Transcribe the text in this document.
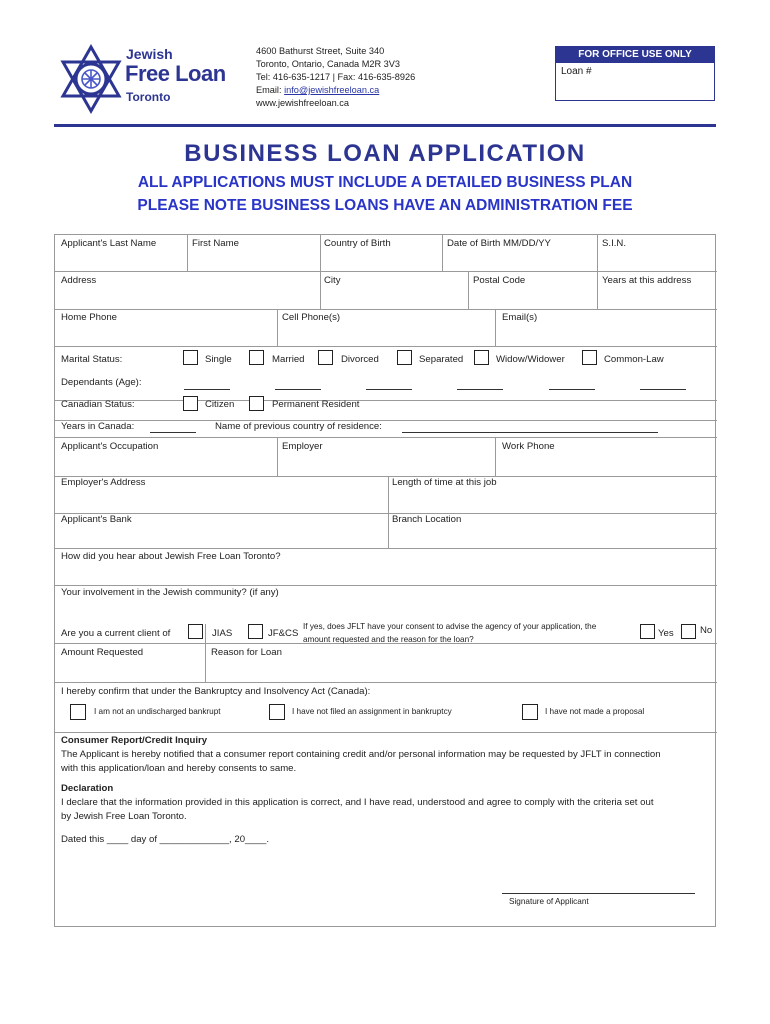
Jewish
Free Loan
Toronto
4600 Bathurst Street, Suite 340
Toronto, Ontario, Canada M2R 3V3
Tel: 416-635-1217 | Fax: 416-635-8926
Email: info@jewishfreeloan.ca
www.jewishfreeloan.ca
FOR OFFICE USE ONLY
Loan #
BUSINESS LOAN APPLICATION
ALL APPLICATIONS MUST INCLUDE A DETAILED BUSINESS PLAN
PLEASE NOTE BUSINESS LOANS HAVE AN ADMINISTRATION FEE
Applicant's Last Name	First Name	Country of Birth	Date of Birth MM/DD/YY	S.I.N.
Address	City	Postal Code	Years at this address
Home Phone	Cell Phone(s)	Email(s)
Marital Status:	Single	Married	Divorced	Separated	Widow/Widower	Common-Law
Dependants (Age):
Canadian Status:	Citizen	Permanent Resident
Years in Canada:	Name of previous country of residence:
Applicant's Occupation	Employer	Work Phone
Employer's Address	Length of time at this job
Applicant's Bank	Branch Location
How did you hear about Jewish Free Loan Toronto?
Your involvement in the Jewish community? (if any)
Are you a current client of	JIAS	JF&CS
If yes, does JFLT have your consent to advise the agency of your application, the
amount requested and the reason for the loan?
Yes	No
Amount Requested	Reason for Loan
I hereby confirm that under the Bankruptcy and Insolvency Act (Canada):
I am not an undischarged bankrupt	I have not filed an assignment in bankruptcy	I have not made a proposal
Consumer Report/Credit Inquiry
The Applicant is hereby notified that a consumer report containing credit and/or personal information may be requested by JFLT in connection
with this application/loan and hereby consents to same.
Declaration
I declare that the information provided in this application is correct, and I have read, understood and agree to comply with the criteria set out
by Jewish Free Loan Toronto.
Dated this ____ day of _____________, 20____.
Signature of Applicant
